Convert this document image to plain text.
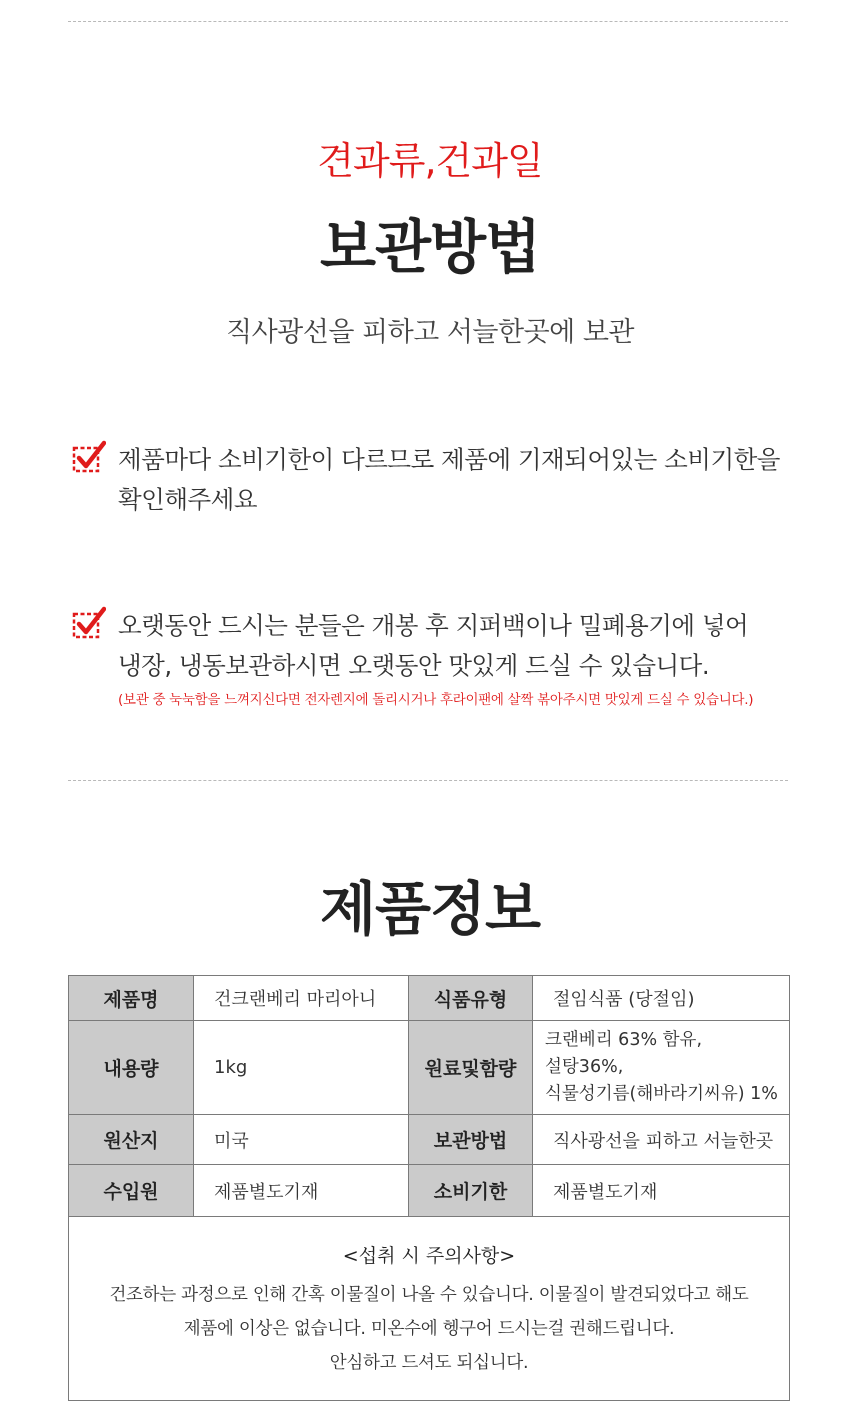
견과류,건과일
보관방법
직사광선을 피하고 서늘한곳에 보관
제품마다 소비기한이 다르므로 제품에 기재되어있는 소비기한을
확인해주세요
오랫동안 드시는 분들은 개봉 후 지퍼백이나 밀폐용기에 넣어
냉장, 냉동보관하시면 오랫동안 맛있게 드실 수 있습니다.
(보관 중 눅눅함을 느껴지신다면 전자렌지에 돌리시거나 후라이팬에 살짝 볶아주시면 맛있게 드실 수 있습니다.)
제품정보
제품명	건크랜베리 마리아니	식품유형	절임식품 (당절임)
내용량	1kg	원료및함량	크랜베리 63% 함유,
설탕36%,
식물성기름(해바라기씨유) 1%

원산지	미국	보관방법	직사광선을 피하고 서늘한곳
수입원	제품별도기재	소비기한	제품별도기재

<섭취 시 주의사항>
건조하는 과정으로 인해 간혹 이물질이 나올 수 있습니다. 이물질이 발견되었다고 해도
제품에 이상은 없습니다. 미온수에 헹구어 드시는걸 권해드립니다.
안심하고 드셔도 되십니다.			
